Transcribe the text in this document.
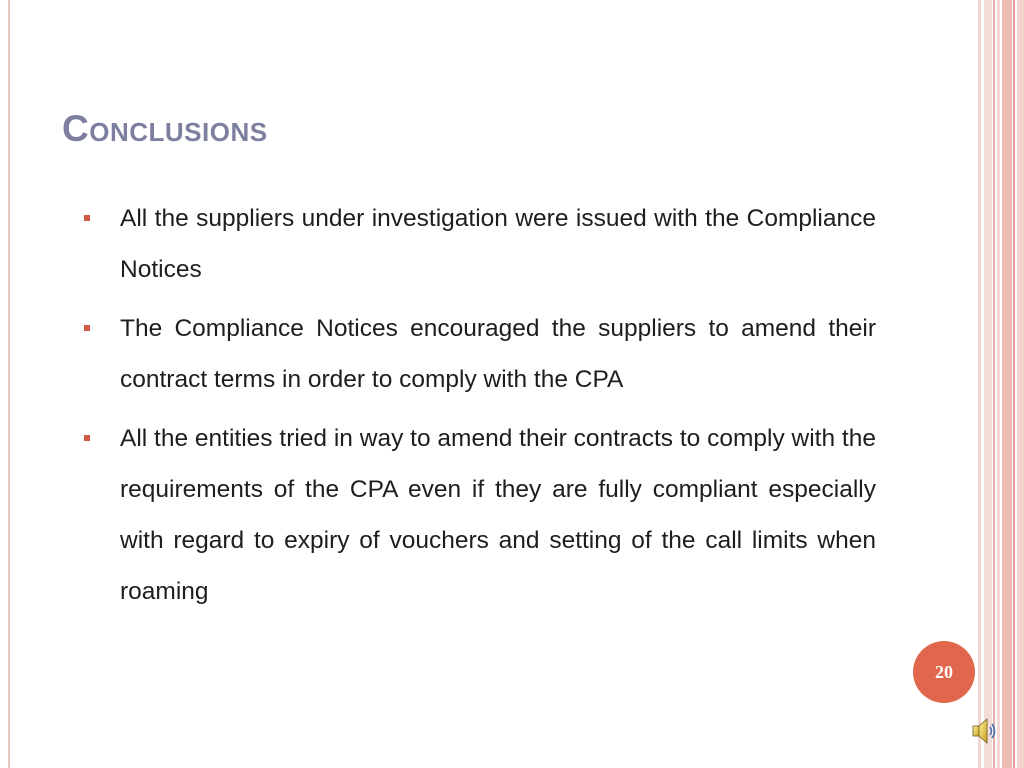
Conclusions
All the suppliers under investigation were issued with the Compliance Notices
The Compliance Notices encouraged the suppliers to amend their contract terms in order to comply with the CPA
All the entities tried in way to amend their contracts to comply with the requirements of the CPA even if they are fully compliant especially with regard to expiry of vouchers and setting of the call limits when roaming
20
